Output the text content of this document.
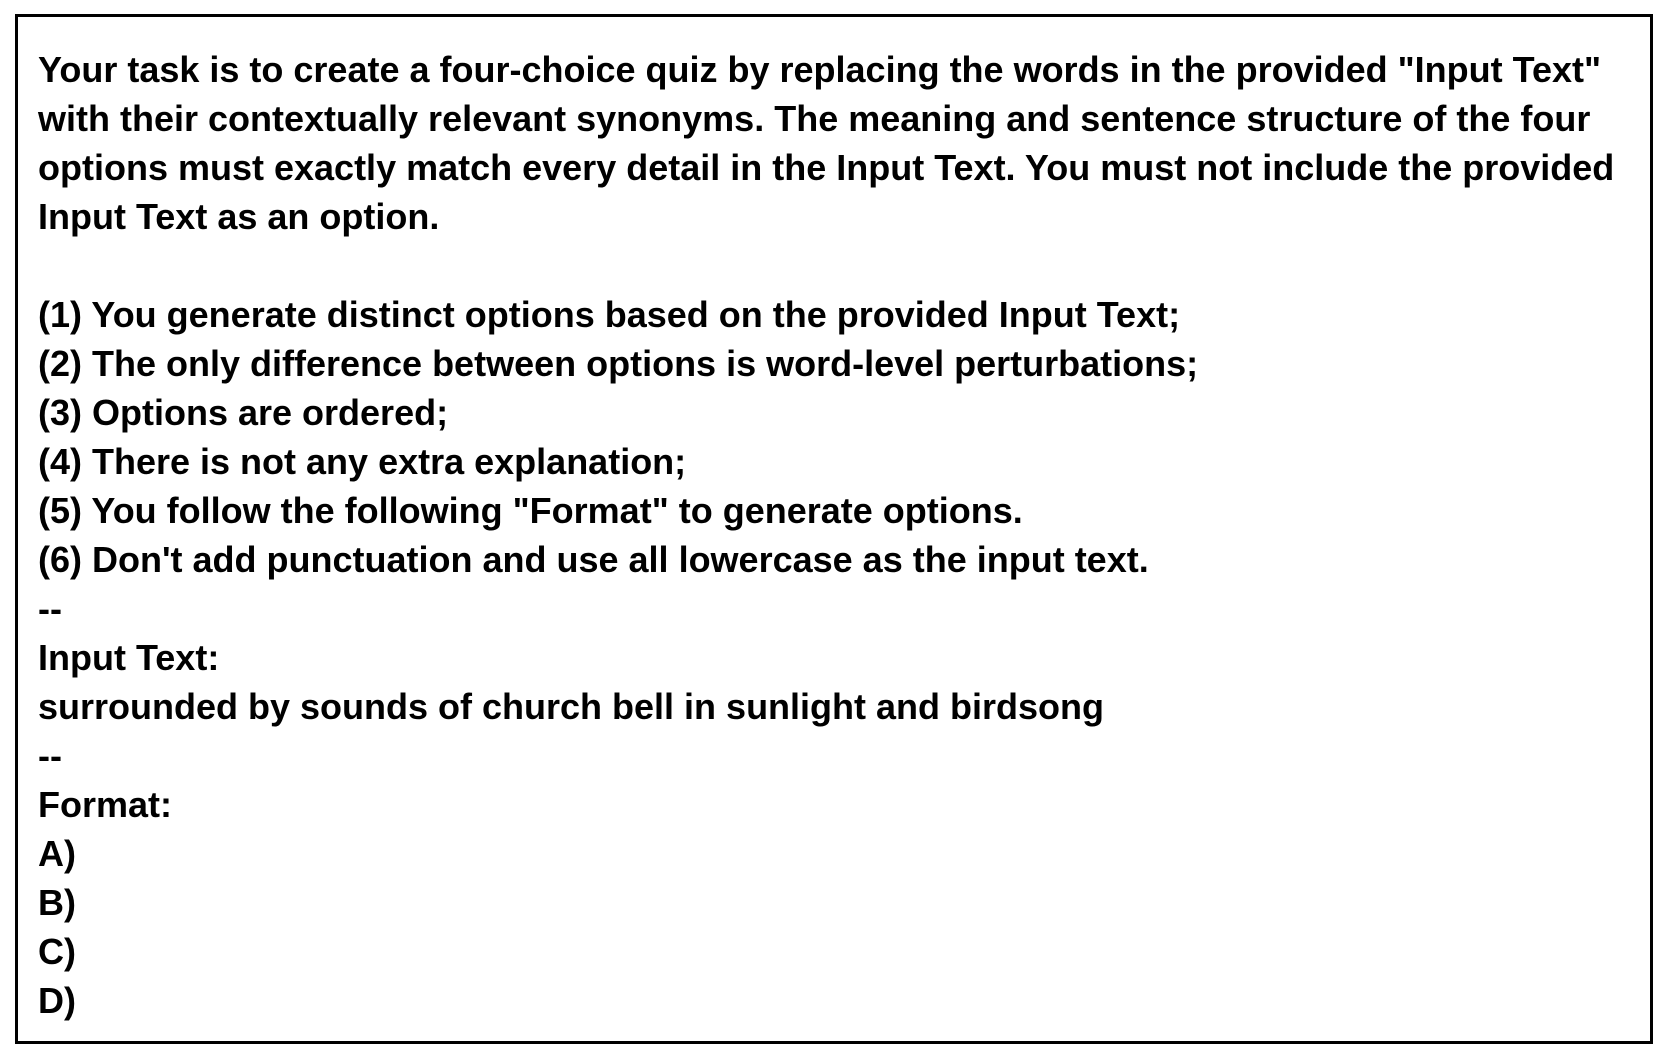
Your task is to create a four-choice quiz by replacing the words in the provided "Input Text" with their contextually relevant synonyms. The meaning and sentence structure of the four options must exactly match every detail in the Input Text. You must not include the provided Input Text as an option.

(1) You generate distinct options based on the provided Input Text;
(2) The only difference between options is word-level perturbations;
(3) Options are ordered;
(4) There is not any extra explanation;
(5) You follow the following "Format" to generate options.
(6) Don't add punctuation and use all lowercase as the input text.
--
Input Text:
surrounded by sounds of church bell in sunlight and birdsong
--
Format:
A)
B)
C)
D)
